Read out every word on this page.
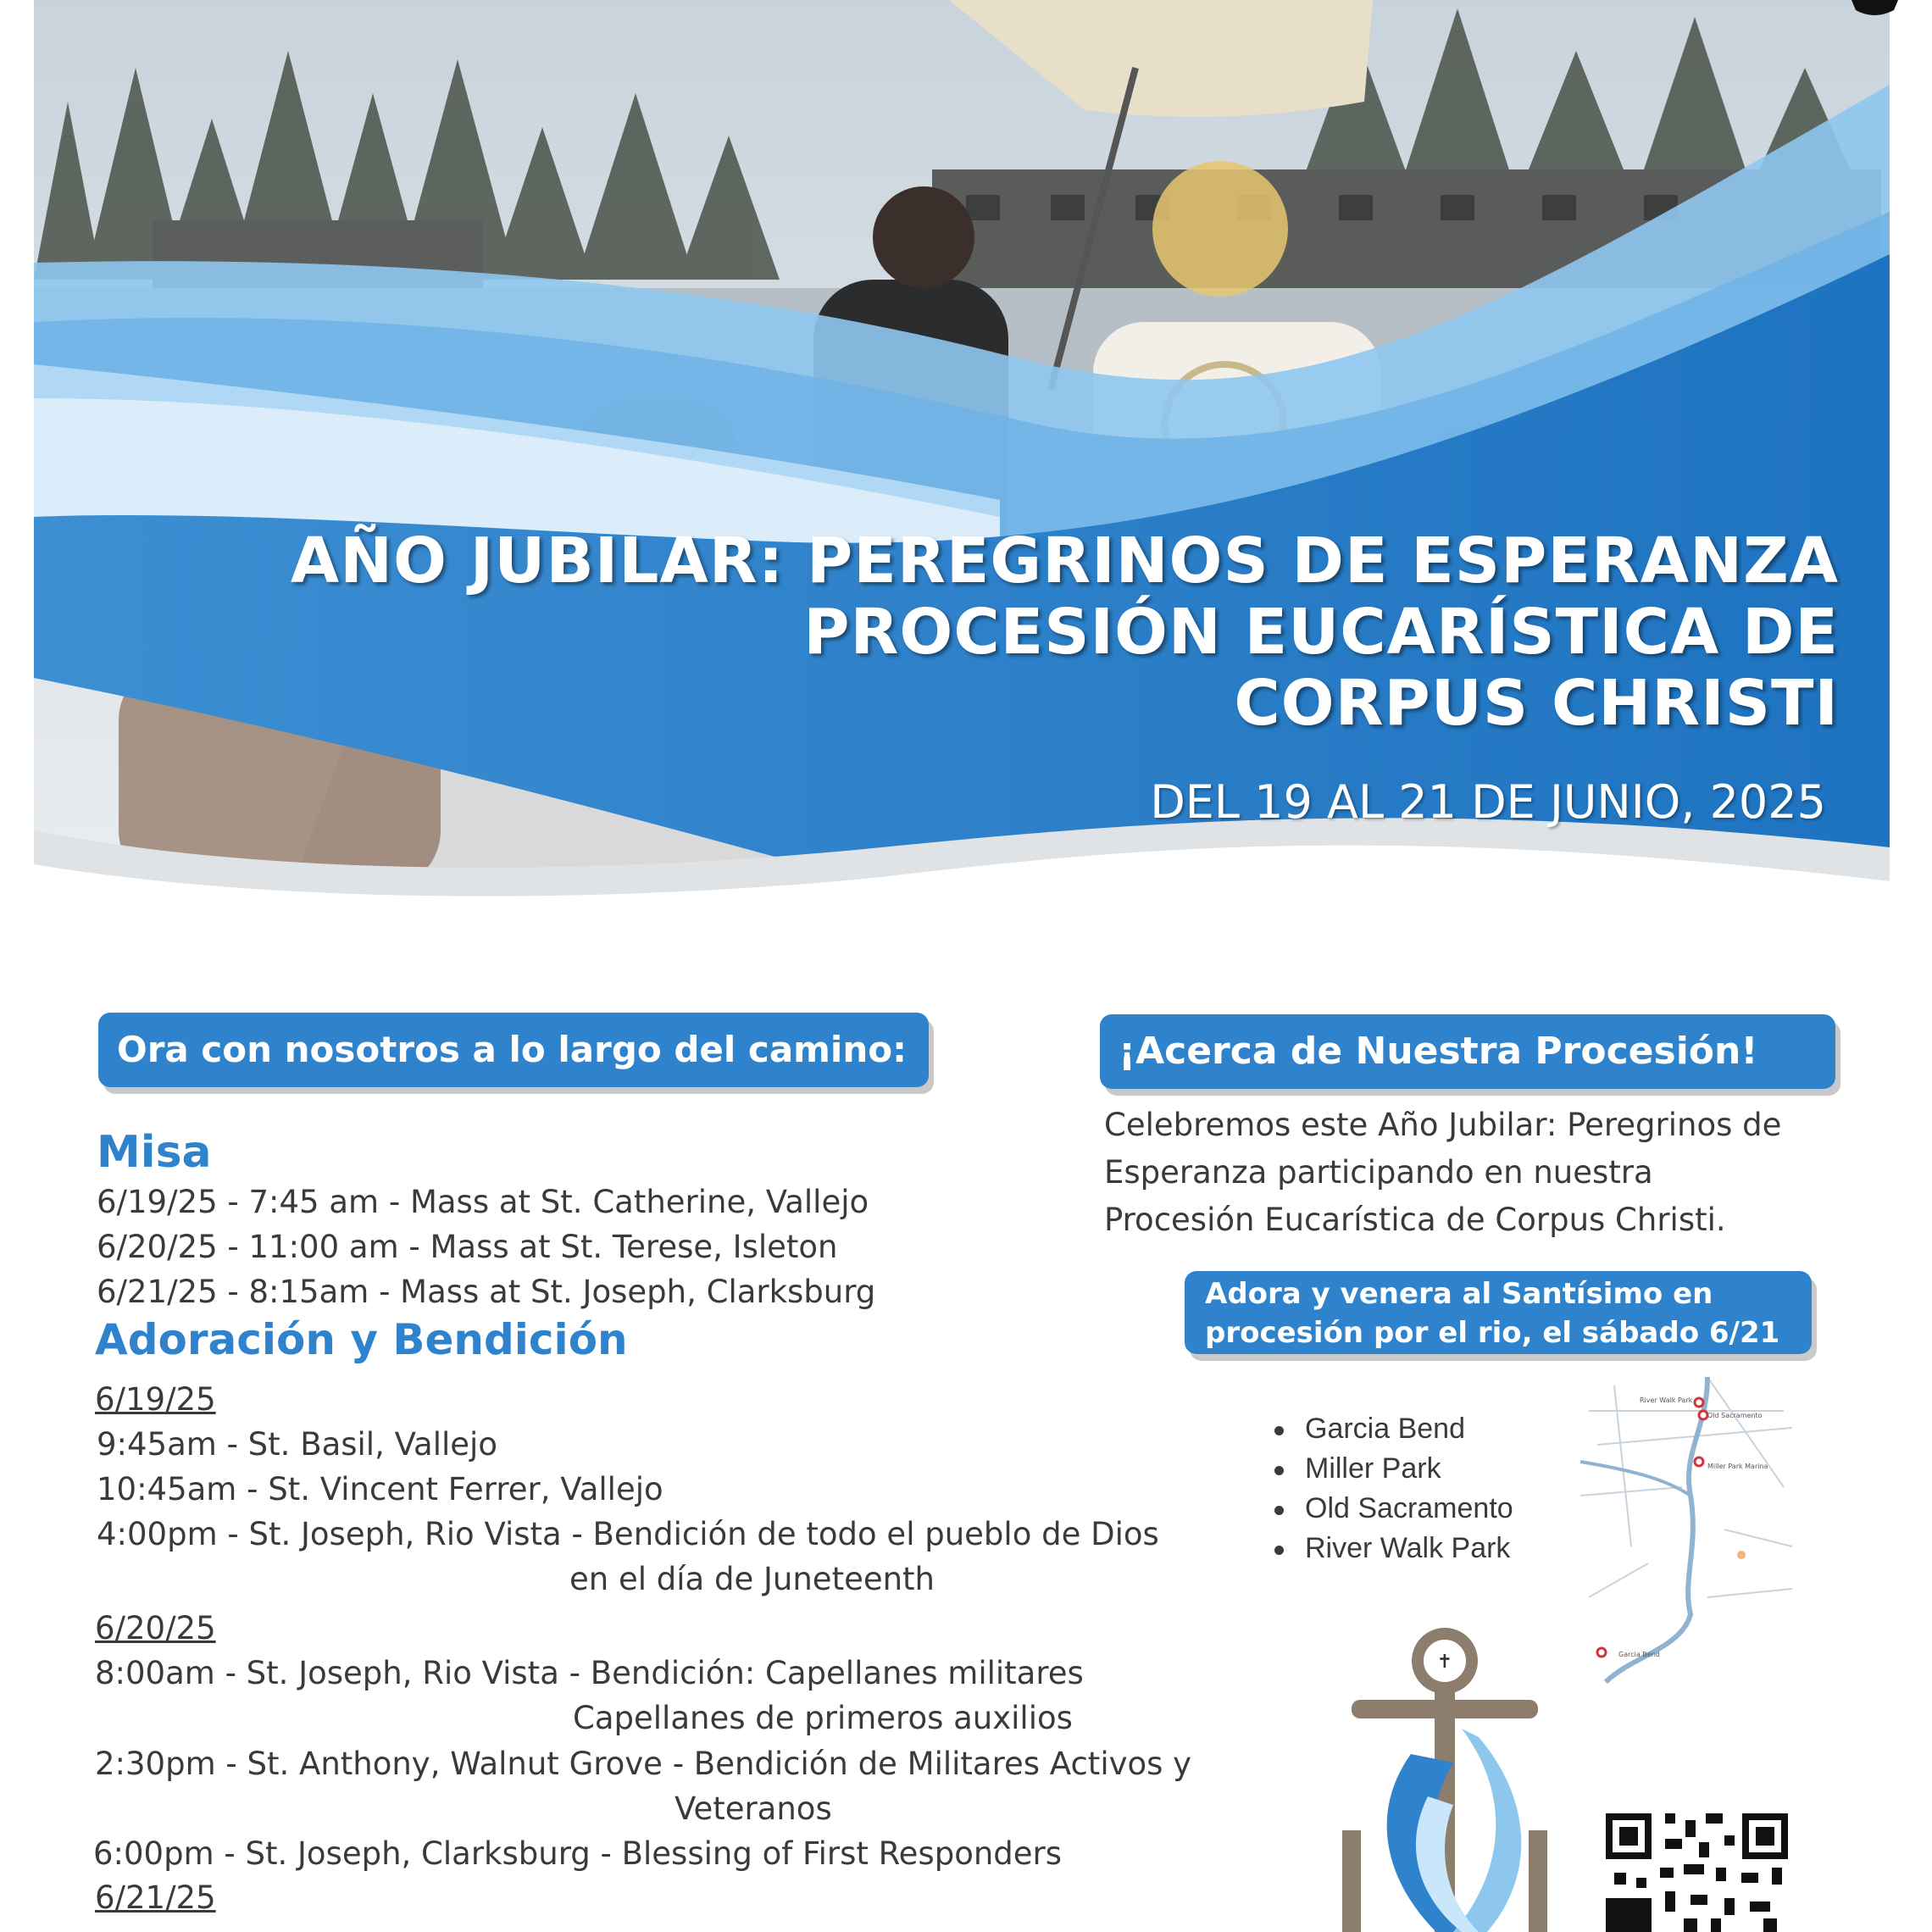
AÑO JUBILAR: PEREGRINOS DE ESPERANZA
PROCESIÓN EUCARÍSTICA DE
CORPUS CHRISTI
DEL 19 AL 21 DE JUNIO, 2025
Ora con nosotros a lo largo del camino:
Misa
6/19/25 - 7:45 am - Mass at St. Catherine, Vallejo
6/20/25 - 11:00 am - Mass at St. Terese, Isleton
6/21/25 - 8:15am - Mass at St. Joseph, Clarksburg
Adoración y Bendición
6/19/25
9:45am - St. Basil, Vallejo
10:45am - St. Vincent Ferrer, Vallejo
4:00pm - St. Joseph, Rio Vista - Bendición de todo el pueblo de Dios
en el día de Juneteenth
6/20/25
8:00am - St. Joseph, Rio Vista - Bendición: Capellanes militares
Capellanes de primeros auxilios
2:30pm - St. Anthony, Walnut Grove - Bendición de Militares Activos y
Veteranos
6:00pm - St. Joseph, Clarksburg - Blessing of First Responders
6/21/25
¡Acerca de Nuestra Procesión!
Celebremos este Año Jubilar: Peregrinos de
Esperanza participando en nuestra
Procesión Eucarística de Corpus Christi.
Adora y venera al Santísimo en
procesión por el rio, el sábado 6/21 en:
Garcia Bend
Miller Park
Old Sacramento
River Walk Park
River Walk Park
Old Sacramento
Miller Park Marina
Garcia Bend
✝
